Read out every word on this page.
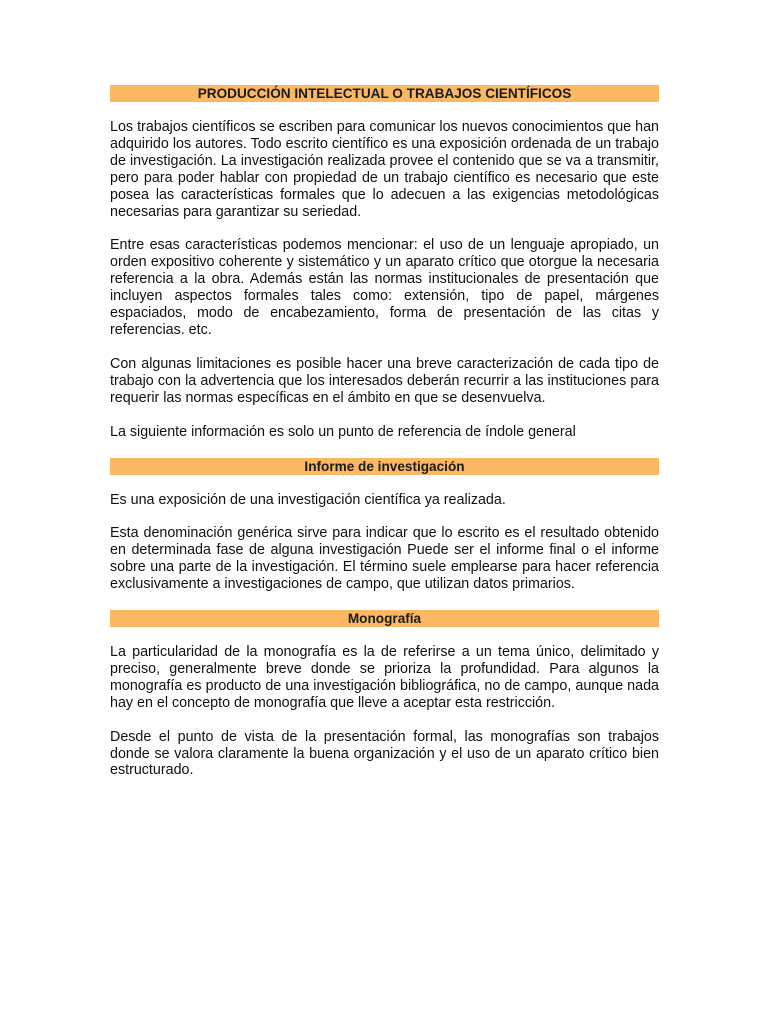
PRODUCCIÓN INTELECTUAL O TRABAJOS CIENTÍFICOS

Los trabajos científicos se escriben para comunicar los nuevos conocimientos que han adquirido los autores. Todo escrito científico es una exposición ordenada de un trabajo de investigación. La investigación realizada provee el contenido que se va a transmitir, pero para poder hablar con propiedad de un trabajo científico es necesario que este posea las características formales que lo adecuen a las exigencias metodológicas necesarias para garantizar su seriedad.

Entre esas características podemos mencionar: el uso de un lenguaje apropiado, un orden expositivo coherente y sistemático y un aparato crítico que otorgue la necesaria referencia a la obra. Además están las normas institucionales de presentación que incluyen aspectos formales tales como: extensión, tipo de papel, márgenes espaciados, modo de encabezamiento, forma de presentación de las citas y referencias. etc.

Con algunas limitaciones es posible hacer una breve caracterización de cada tipo de trabajo con la advertencia que los interesados deberán recurrir a las instituciones para requerir las normas específicas en el ámbito en que se desenvuelva.

La siguiente información es solo un punto de referencia de índole general

Informe de investigación

Es una exposición de una investigación científica ya realizada.

Esta denominación genérica sirve para indicar que lo escrito es el resultado obtenido en determinada fase de alguna investigación Puede ser el informe final o el informe sobre una parte de la investigación. El término suele emplearse para hacer referencia exclusivamente a investigaciones de campo, que utilizan datos primarios.

Monografía

La particularidad de la monografía es la de referirse a un tema único, delimitado y preciso, generalmente breve donde se prioriza la profundidad. Para algunos la monografía es producto de una investigación bibliográfica, no de campo, aunque nada hay en el concepto de monografía que lleve a aceptar esta restricción.

Desde el punto de vista de la presentación formal, las monografías son trabajos donde se valora claramente la buena organización y el uso de un aparato crítico bien estructurado.
